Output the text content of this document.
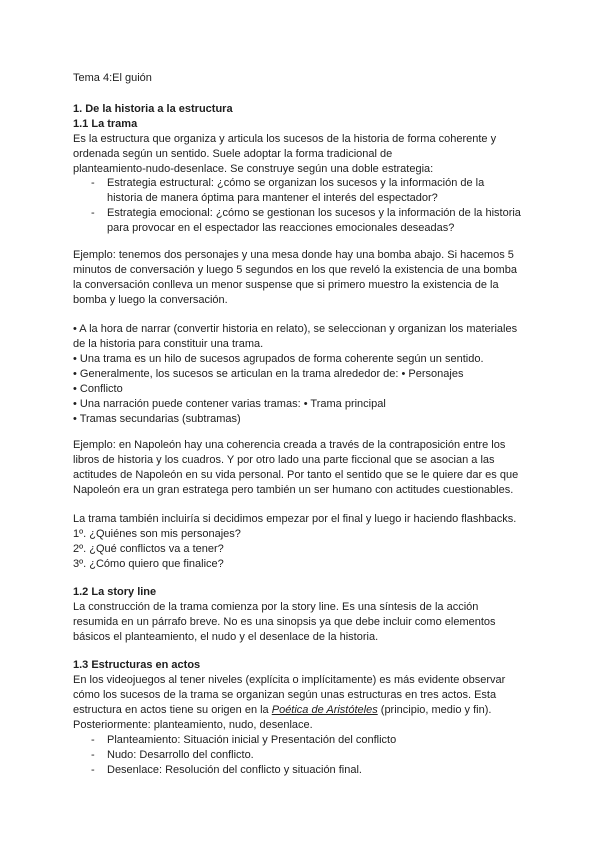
Tema 4:El guión
1. De la historia a la estructura
1.1 La trama
Es la estructura que organiza y articula los sucesos de la historia de forma coherente y
ordenada según un sentido. Suele adoptar la forma tradicional de
planteamiento-nudo-desenlace. Se construye según una doble estrategia:
- Estrategia estructural: ¿cómo se organizan los sucesos y la información de la
historia de manera óptima para mantener el interés del espectador?
- Estrategia emocional: ¿cómo se gestionan los sucesos y la información de la historia
para provocar en el espectador las reacciones emocionales deseadas?
Ejemplo: tenemos dos personajes y una mesa donde hay una bomba abajo. Si hacemos 5
minutos de conversación y luego 5 segundos en los que reveló la existencia de una bomba
la conversación conlleva un menor suspense que si primero muestro la existencia de la
bomba y luego la conversación.
• A la hora de narrar (convertir historia en relato), se seleccionan y organizan los materiales
de la historia para constituir una trama.
• Una trama es un hilo de sucesos agrupados de forma coherente según un sentido.
• Generalmente, los sucesos se articulan en la trama alrededor de: • Personajes
• Conflicto
• Una narración puede contener varias tramas: • Trama principal
• Tramas secundarias (subtramas)
Ejemplo: en Napoleón hay una coherencia creada a través de la contraposición entre los
libros de historia y los cuadros. Y por otro lado una parte ficcional que se asocian a las
actitudes de Napoleón en su vida personal. Por tanto el sentido que se le quiere dar es que
Napoleón era un gran estratega pero también un ser humano con actitudes cuestionables.
La trama también incluiría si decidimos empezar por el final y luego ir haciendo flashbacks.
1º. ¿Quiénes son mis personajes?
2º. ¿Qué conflictos va a tener?
3º. ¿Cómo quiero que finalice?
1.2 La story line
La construcción de la trama comienza por la story line. Es una síntesis de la acción
resumida en un párrafo breve. No es una sinopsis ya que debe incluir como elementos
básicos el planteamiento, el nudo y el desenlace de la historia.
1.3 Estructuras en actos
En los videojuegos al tener niveles (explícita o implícitamente) es más evidente observar
cómo los sucesos de la trama se organizan según unas estructuras en tres actos. Esta
estructura en actos tiene su origen en la Poética de Aristóteles (principio, medio y fin).
Posteriormente: planteamiento, nudo, desenlace.
- Planteamiento: Situación inicial y Presentación del conflicto
- Nudo: Desarrollo del conflicto.
- Desenlace: Resolución del conflicto y situación final.
